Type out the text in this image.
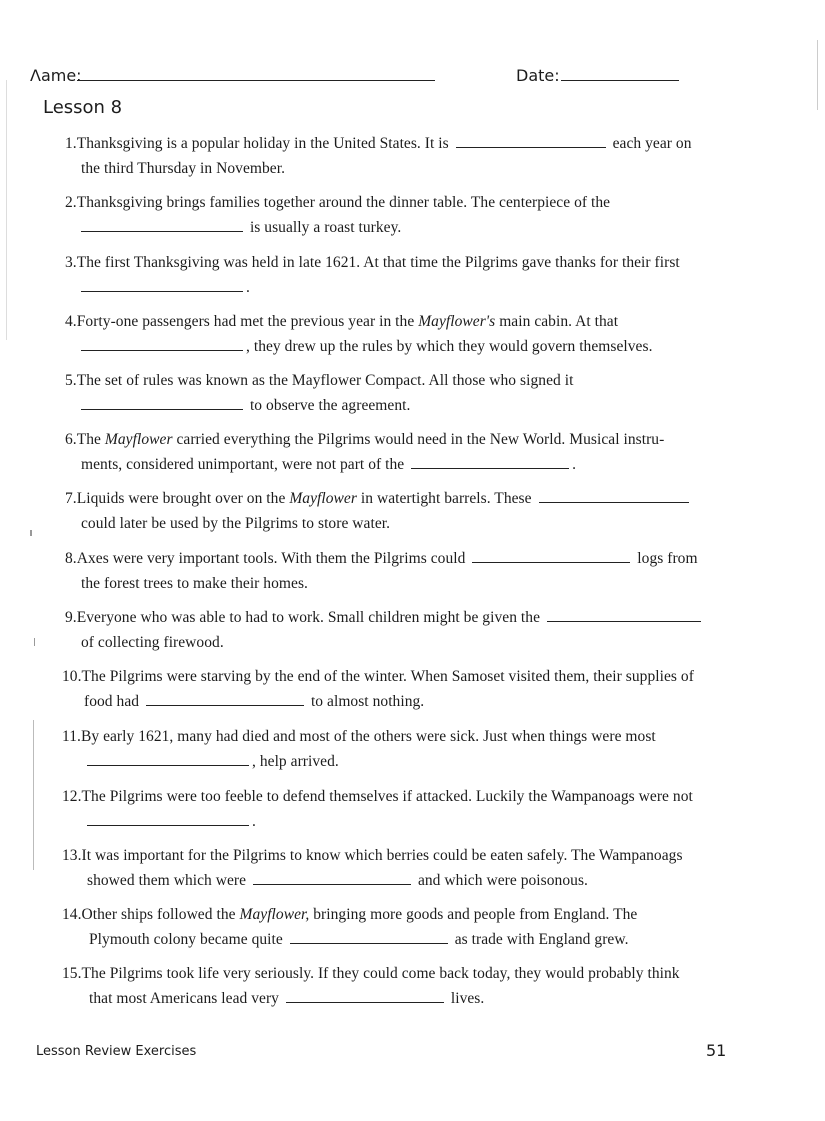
Ʌame:	Date:
Lesson 8
1.Thanksgiving is a popular holiday in the United States. It is	each year on
the third Thursday in November.
2.Thanksgiving brings families together around the dinner table. The centerpiece of the
is usually a roast turkey.
3.The first Thanksgiving was held in late 1621. At that time the Pilgrims gave thanks for their first
.
4.Forty-one passengers had met the previous year in the Mayflower's main cabin. At that
, they drew up the rules by which they would govern themselves.
5.The set of rules was known as the Mayflower Compact. All those who signed it
to observe the agreement.
6.The Mayflower carried everything the Pilgrims would need in the New World. Musical instru-
ments, considered unimportant, were not part of the	.
7.Liquids were brought over on the Mayflower in watertight barrels. These
could later be used by the Pilgrims to store water.
8.Axes were very important tools. With them the Pilgrims could	logs from
the forest trees to make their homes.
9.Everyone who was able to had to work. Small children might be given the
of collecting firewood.
10.The Pilgrims were starving by the end of the winter. When Samoset visited them, their supplies of
food had	to almost nothing.
11.By early 1621, many had died and most of the others were sick. Just when things were most
, help arrived.
12.The Pilgrims were too feeble to defend themselves if attacked. Luckily the Wampanoags were not
.
13.It was important for the Pilgrims to know which berries could be eaten safely. The Wampanoags
showed them which were	and which were poisonous.
14.Other ships followed the Mayflower, bringing more goods and people from England. The
Plymouth colony became quite	as trade with England grew.
15.The Pilgrims took life very seriously. If they could come back today, they would probably think
that most Americans lead very	lives.
Lesson Review Exercises	51
